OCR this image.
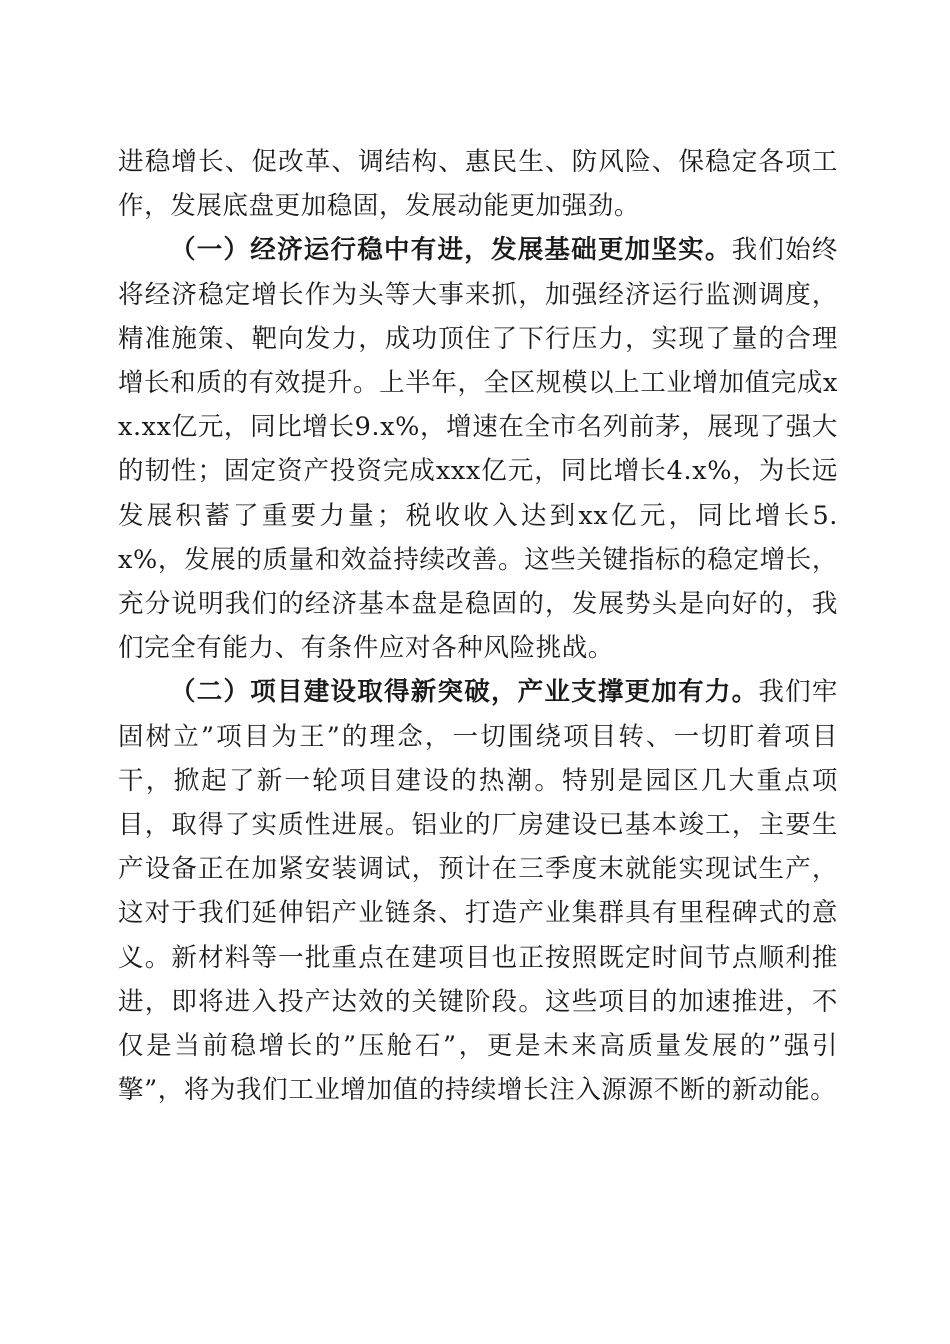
进稳增长、促改革、调结构、惠民生、防风险、保稳定各项工作，发展底盘更加稳固，发展动能更加强劲。

（一）经济运行稳中有进，发展基础更加坚实。我们始终将经济稳定增长作为头等大事来抓，加强经济运行监测调度，精准施策、靶向发力，成功顶住了下行压力，实现了量的合理增长和质的有效提升。上半年，全区规模以上工业增加值完成xx.xx亿元，同比增长9.x%，增速在全市名列前茅，展现了强大的韧性；固定资产投资完成xxx亿元，同比增长4.x%，为长远发展积蓄了重要力量；税收收入达到xx亿元，同比增长5.x%，发展的质量和效益持续改善。这些关键指标的稳定增长，充分说明我们的经济基本盘是稳固的，发展势头是向好的，我们完全有能力、有条件应对各种风险挑战。

（二）项目建设取得新突破，产业支撑更加有力。我们牢固树立”项目为王”的理念，一切围绕项目转、一切盯着项目干，掀起了新一轮项目建设的热潮。特别是园区几大重点项目，取得了实质性进展。铝业的厂房建设已基本竣工，主要生产设备正在加紧安装调试，预计在三季度末就能实现试生产，这对于我们延伸铝产业链条、打造产业集群具有里程碑式的意义。新材料等一批重点在建项目也正按照既定时间节点顺利推进，即将进入投产达效的关键阶段。这些项目的加速推进，不仅是当前稳增长的”压舱石”，更是未来高质量发展的”强引擎”，将为我们工业增加值的持续增长注入源源不断的新动能。
